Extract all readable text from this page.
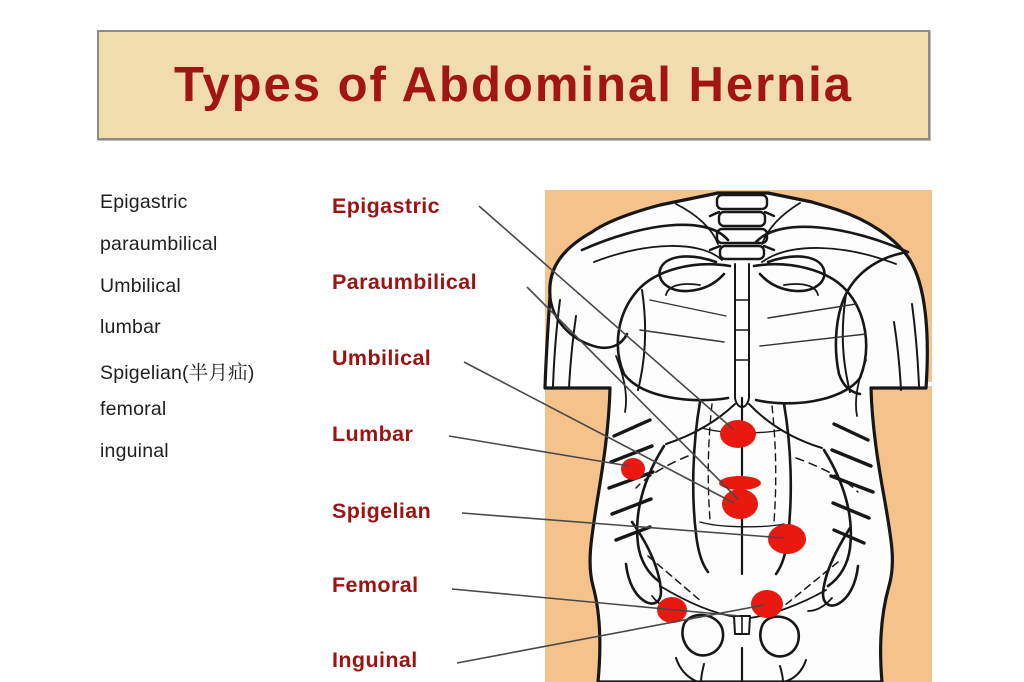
Types of Abdominal Hernia
Epigastric
paraumbilical
Umbilical
lumbar
Spigelian(半月疝)
femoral
inguinal
Epigastric
Paraumbilical
Umbilical
Lumbar
Spigelian
Femoral
Inguinal
